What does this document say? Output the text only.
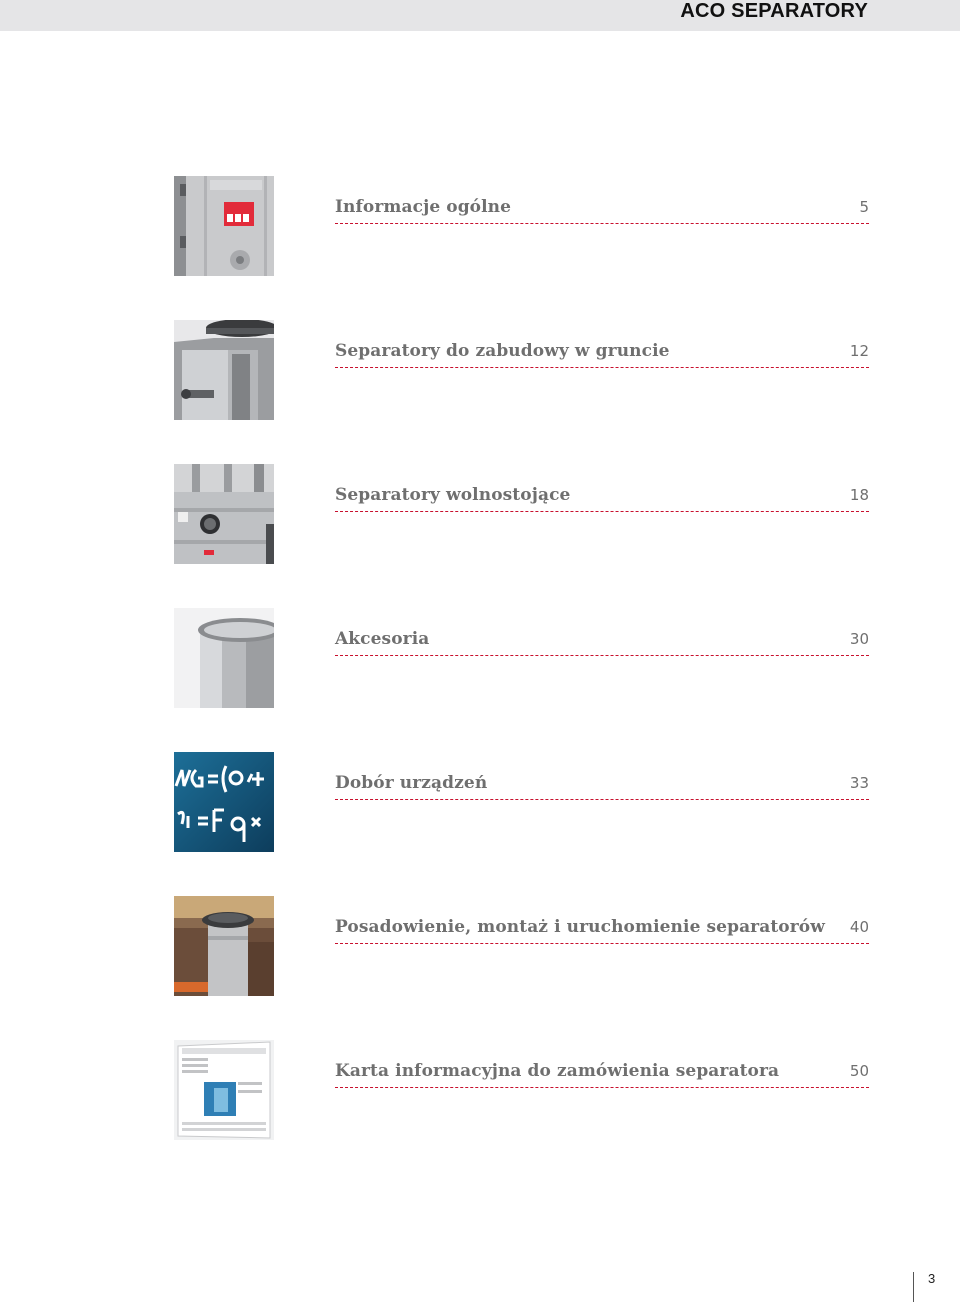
ACO SEPARATORY
Informacje ogólne	5
Separatory do zabudowy w gruncie	12
Separatory wolnostojące	18
Akcesoria	30
Dobór urządzeń	33
Posadowienie, montaż i uruchomienie separatorów 40
Karta informacyjna do zamówienia separatora	50
3
